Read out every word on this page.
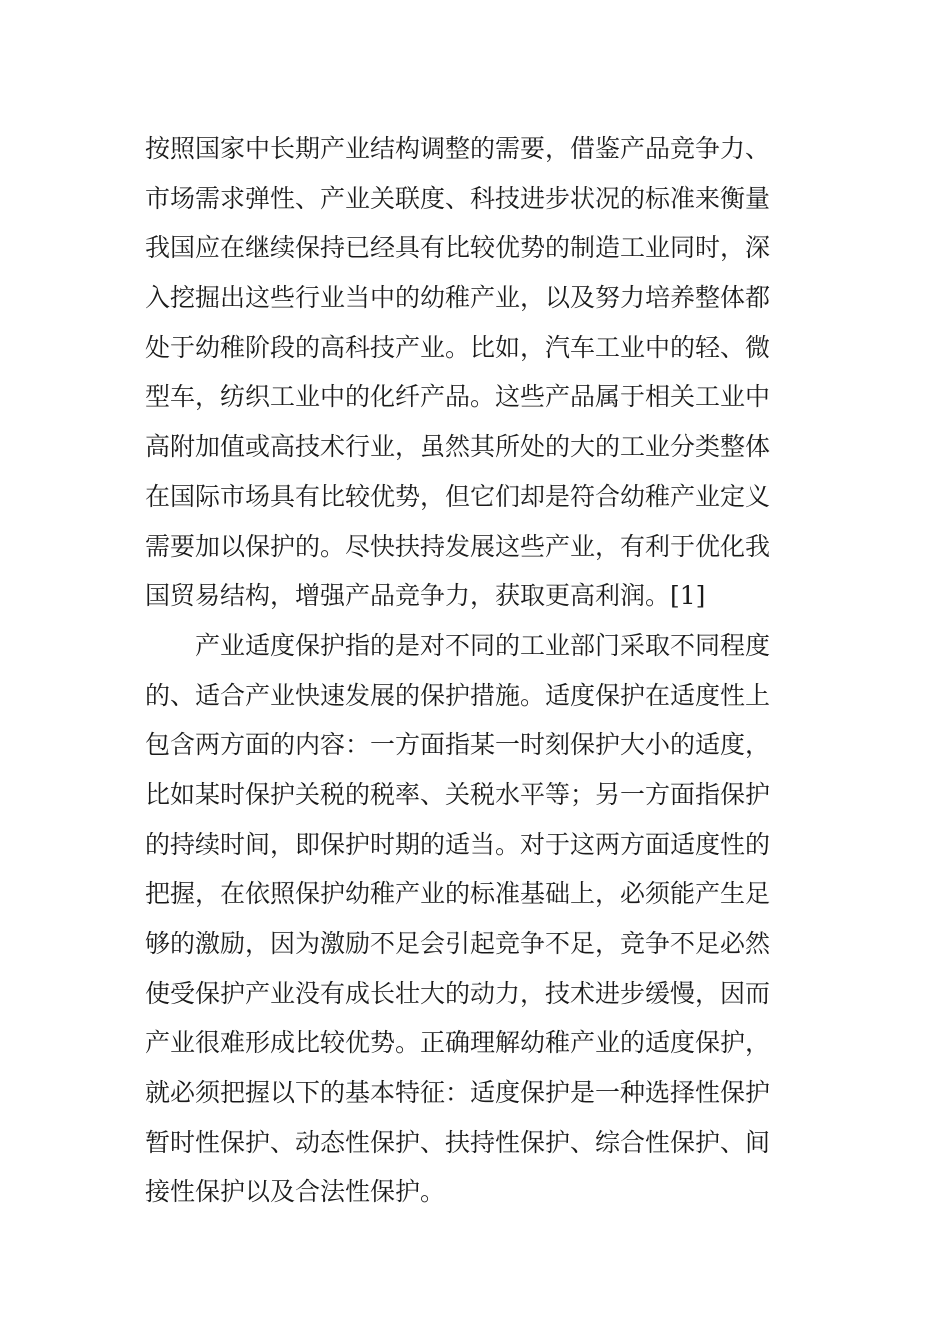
按照国家中长期产业结构调整的需要，借鉴产品竞争力、
市场需求弹性、产业关联度、科技进步状况的标准来衡量
我国应在继续保持已经具有比较优势的制造工业同时，深
入挖掘出这些行业当中的幼稚产业，以及努力培养整体都
处于幼稚阶段的高科技产业。比如，汽车工业中的轻、微
型车，纺织工业中的化纤产品。这些产品属于相关工业中
高附加值或高技术行业，虽然其所处的大的工业分类整体
在国际市场具有比较优势，但它们却是符合幼稚产业定义
需要加以保护的。尽快扶持发展这些产业，有利于优化我
国贸易结构，增强产品竞争力，获取更高利润。[1]
产业适度保护指的是对不同的工业部门采取不同程度
的、适合产业快速发展的保护措施。适度保护在适度性上
包含两方面的内容：一方面指某一时刻保护大小的适度，
比如某时保护关税的税率、关税水平等；另一方面指保护
的持续时间，即保护时期的适当。对于这两方面适度性的
把握，在依照保护幼稚产业的标准基础上，必须能产生足
够的激励，因为激励不足会引起竞争不足，竞争不足必然
使受保护产业没有成长壮大的动力，技术进步缓慢，因而
产业很难形成比较优势。正确理解幼稚产业的适度保护，
就必须把握以下的基本特征：适度保护是一种选择性保护
暂时性保护、动态性保护、扶持性保护、综合性保护、间
接性保护以及合法性保护。
